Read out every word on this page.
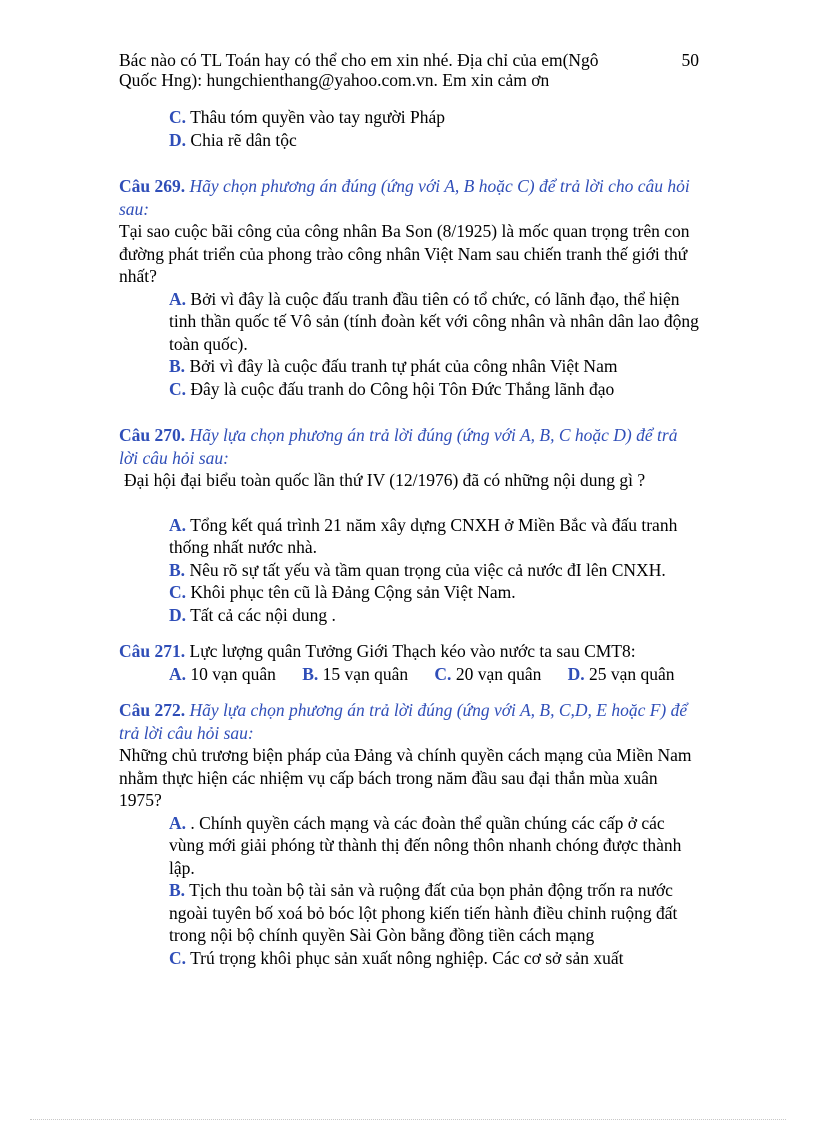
Bác nào có TL Toán hay có thể cho em xin nhé. Địa chỉ của em(Ngô
Quốc Hng): hungchienthang@yahoo.com.vn. Em xin cảm ơn
50

C. Thâu tóm quyền vào tay người Pháp

D. Chia rẽ dân tộc

Câu 269. Hãy chọn phương án đúng (ứng với A, B hoặc C) để trả lời cho câu hỏi sau:

Tại sao cuộc bãi công của công nhân Ba Son (8/1925) là mốc quan trọng trên con đường phát triển của phong trào công nhân Việt Nam sau chiến tranh thế giới thứ nhất?

A. Bởi vì đây là cuộc đấu tranh đầu tiên có tổ chức, có lãnh đạo, thể hiện tinh thần quốc tế Vô sản (tính đoàn kết với công nhân và nhân dân lao động toàn quốc).

B. Bởi vì đây là cuộc đấu tranh tự phát của công nhân Việt Nam

C. Đây là cuộc đấu tranh do Công hội Tôn Đức Thắng lãnh đạo

Câu 270. Hãy lựa chọn phương án trả lời đúng (ứng với A, B, C hoặc D) để trả lời câu hỏi sau:

Đại hội đại biểu toàn quốc lần thứ IV (12/1976) đã có những nội dung gì ?

A. Tổng kết quá trình 21 năm xây dựng CNXH ở Miền Bắc và đấu tranh thống nhất nước nhà.

B. Nêu rõ sự tất yếu và tầm quan trọng của việc cả nước đI lên CNXH.

C. Khôi phục tên cũ là Đảng Cộng sản Việt Nam.

D. Tất cả các nội dung .

Câu 271. Lực lượng quân Tưởng Giới Thạch kéo vào nước ta sau CMT8:

A. 10 vạn quân B. 15 vạn quân C. 20 vạn quân D. 25 vạn quân

Câu 272. Hãy lựa chọn phương án trả lời đúng (ứng với A, B, C,D, E hoặc F) để trả lời câu hỏi sau:

Những chủ trương biện pháp của Đảng và chính quyền cách mạng của Miền Nam nhằm thực hiện các nhiệm vụ cấp bách trong năm đầu sau đại thắn mùa xuân 1975?

A. . Chính quyền cách mạng và các đoàn thể quần chúng các cấp ở các vùng mới giải phóng từ thành thị đến nông thôn nhanh chóng được thành lập.

B. Tịch thu toàn bộ tài sản và ruộng đất của bọn phản động trốn ra nước ngoài tuyên bố xoá bỏ bóc lột phong kiến tiến hành điều chỉnh ruộng đất trong nội bộ chính quyền Sài Gòn bằng đồng tiền cách mạng

C. Trú trọng khôi phục sản xuất nông nghiệp. Các cơ sở sản xuất
